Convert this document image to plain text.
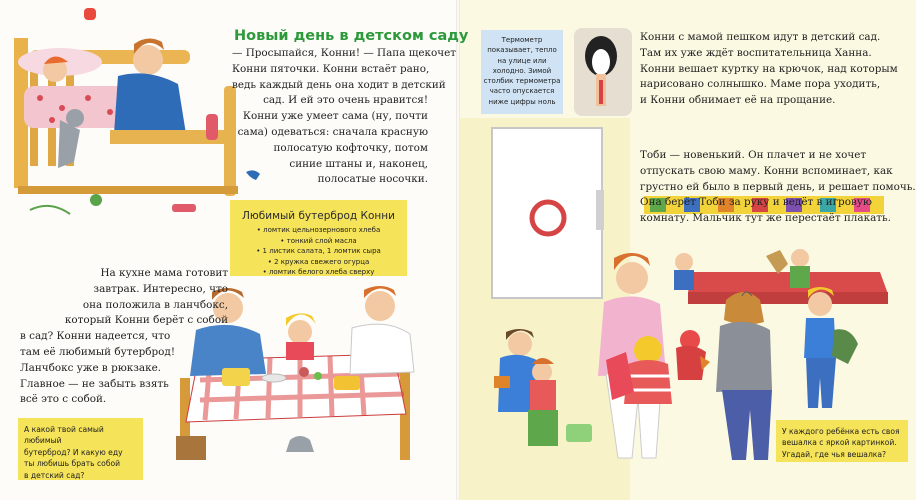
Новый день в детском саду
— Просыпайся, Конни! — Папа щекочет
Конни пяточки. Конни встаёт рано,
ведь каждый день она ходит в детский
сад. И ей это очень нравится!
Конни уже умеет сама (ну, почти
сама) одеваться: сначала красную
полосатую кофточку, потом
синие штаны и, наконец,
полосатые носочки.
Любимый бутерброд Конни
• ломтик цельнозернового хлеба
• тонкий слой масла
• 1 листик салата, 1 ломтик сыра
• 2 кружка свежего огурца
• ломтик белого хлеба сверху
На кухне мама готовит
завтрак. Интересно, что
она положила в ланчбокс,
который Конни берёт с собой
в сад? Конни надеется, что
там её любимый бутерброд!
Ланчбокс уже в рюкзаке.
Главное — не забыть взять
всё это с собой.
А какой твой самый любимый
бутерброд? И какую еду
ты любишь брать собой
в детский сад?
Термометр
показывает, тепло
на улице или
холодно. Зимой
столбик термометра
часто опускается
ниже цифры ноль
Конни с мамой пешком идут в детский сад.
Там их уже ждёт воспитательница Ханна.
Конни вешает куртку на крючок, над которым
нарисовано солнышко. Маме пора уходить,
и Конни обнимает её на прощание.
Тоби — новенький. Он плачет и не хочет
отпускать свою маму. Конни вспоминает, как
грустно ей было в первый день, и решает помочь.
Она берёт Тоби за руку и ведёт в игровую
комнату. Мальчик тут же перестаёт плакать.
У каждого ребёнка есть своя
вешалка с яркой картинкой.
Угадай, где чья вешалка?
